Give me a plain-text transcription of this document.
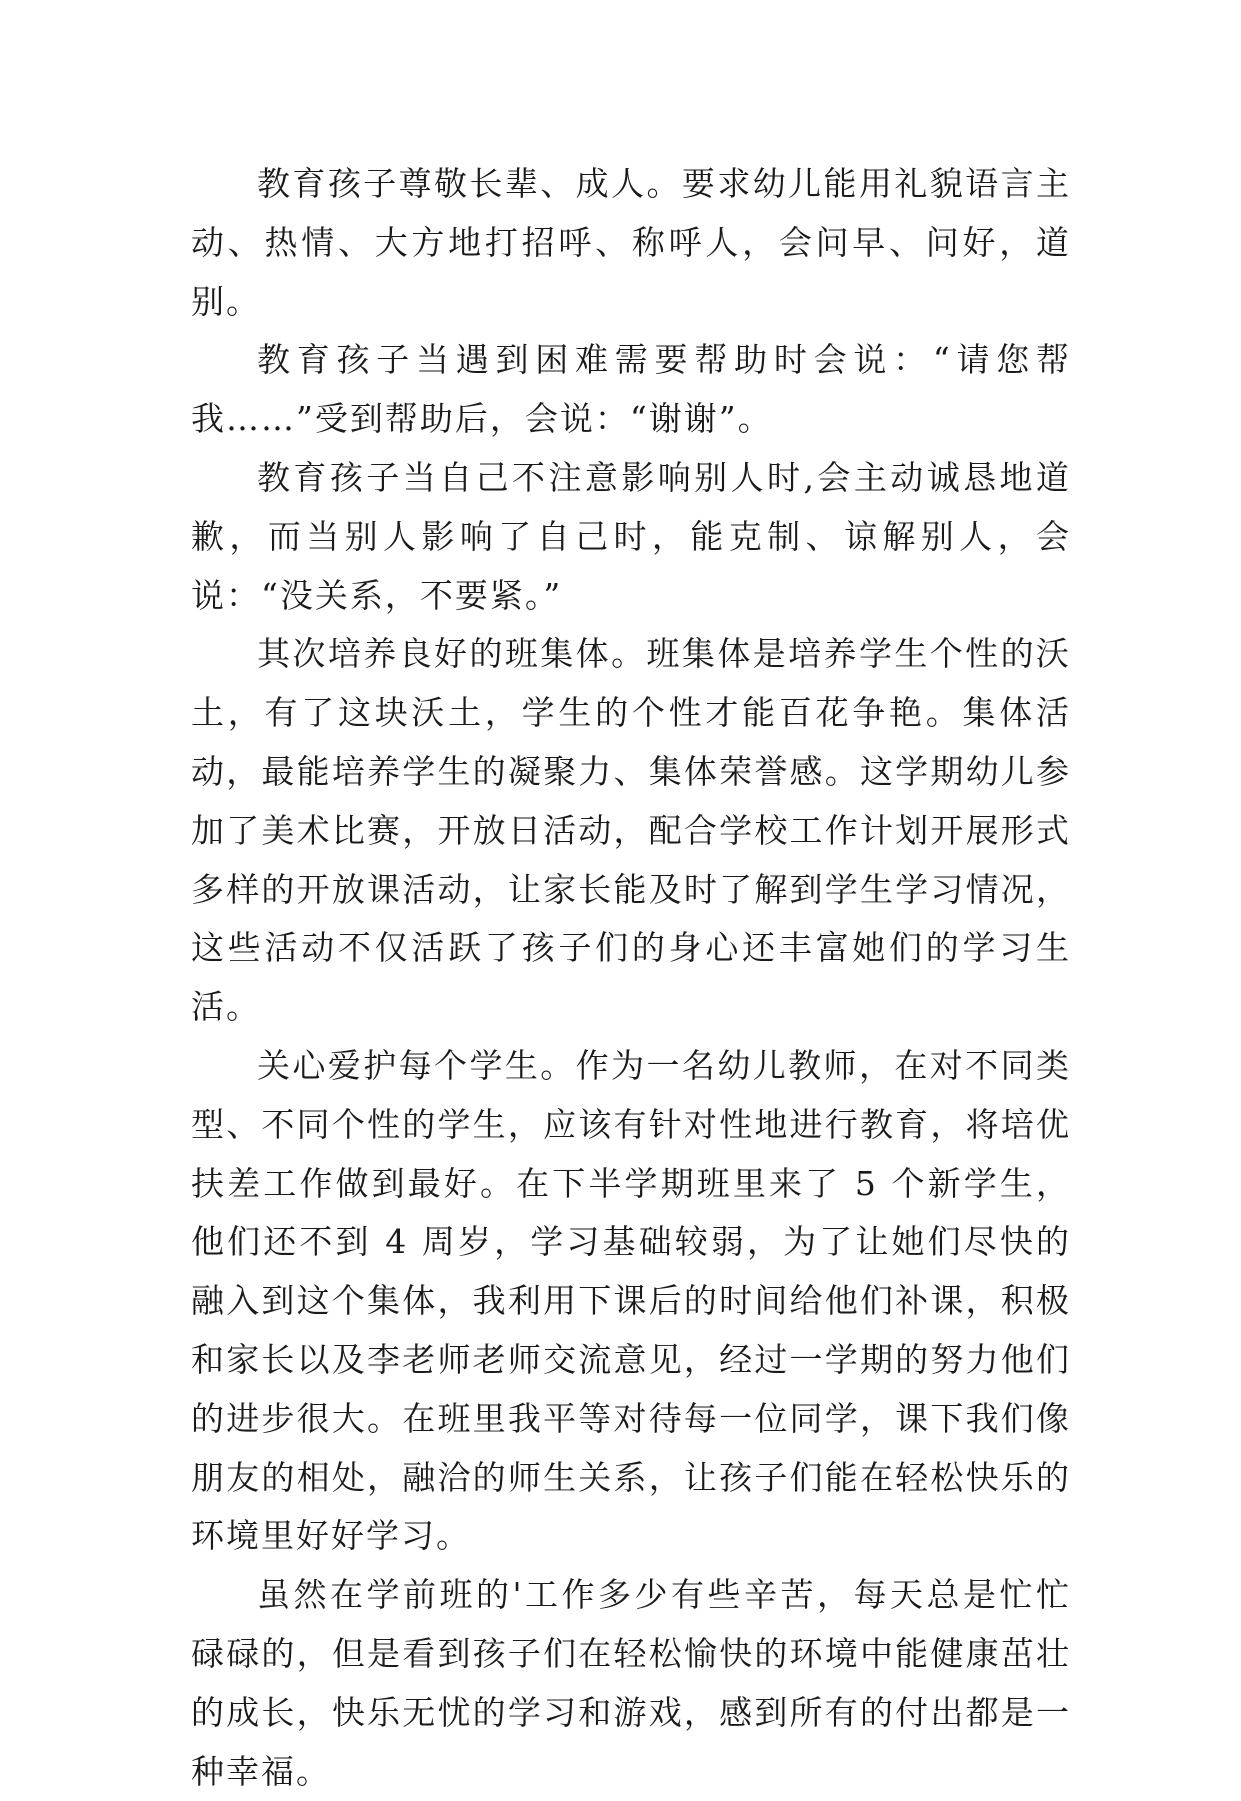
教育孩子尊敬长辈、成人。要求幼儿能用礼貌语言主动、热情、大方地打招呼、称呼人，会问早、问好，道别。

教育孩子当遇到困难需要帮助时会说：“请您帮我……”受到帮助后，会说：“谢谢”。

教育孩子当自己不注意影响别人时,会主动诚恳地道歉，而当别人影响了自己时，能克制、谅解别人，会说：“没关系，不要紧。”

其次培养良好的班集体。班集体是培养学生个性的沃土，有了这块沃土，学生的个性才能百花争艳。集体活动，最能培养学生的凝聚力、集体荣誉感。这学期幼儿参加了美术比赛，开放日活动，配合学校工作计划开展形式多样的开放课活动，让家长能及时了解到学生学习情况，这些活动不仅活跃了孩子们的身心还丰富她们的学习生活。

关心爱护每个学生。作为一名幼儿教师，在对不同类型、不同个性的学生，应该有针对性地进行教育，将培优扶差工作做到最好。在下半学期班里来了 5 个新学生，他们还不到 4 周岁，学习基础较弱，为了让她们尽快的融入到这个集体，我利用下课后的时间给他们补课，积极和家长以及李老师老师交流意见，经过一学期的努力他们的进步很大。在班里我平等对待每一位同学，课下我们像朋友的相处，融洽的师生关系，让孩子们能在轻松快乐的环境里好好学习。

虽然在学前班的'工作多少有些辛苦，每天总是忙忙碌碌的，但是看到孩子们在轻松愉快的环境中能健康茁壮的成长，快乐无忧的学习和游戏，感到所有的付出都是一种幸福。
